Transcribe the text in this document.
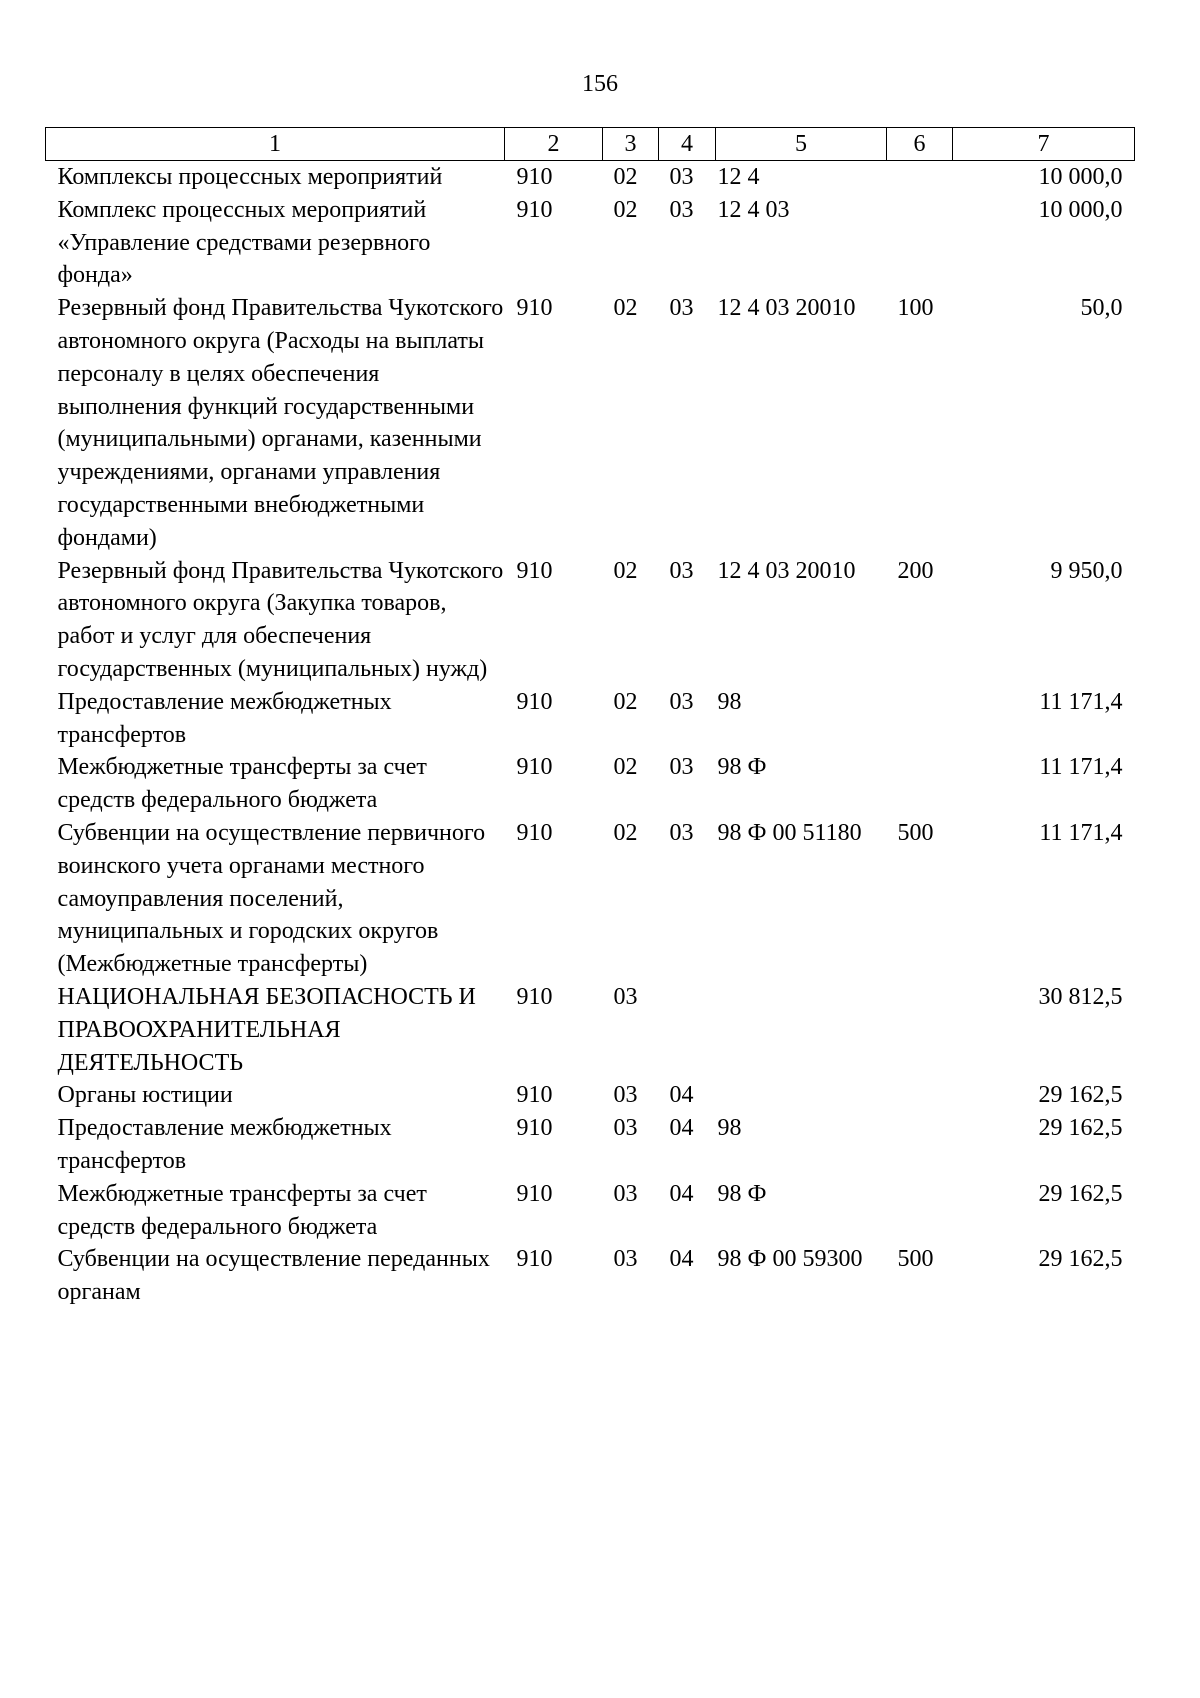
156
1	2	3	4	5	6	7
Комплексы процессных мероприятий	910	02	03	12 4		10 000,0
Комплекс процессных мероприятий «Управление средствами резервного фонда»	910	02	03	12 4 03		10 000,0
Резервный фонд Правительства Чукотского автономного округа (Расходы на выплаты персоналу в целях обеспечения выполнения функций государственными (муниципальными) органами, казенными учреждениями, органами управления государственными внебюджетными фондами)	910	02	03	12 4 03 20010	100	50,0
Резервный фонд Правительства Чукотского автономного округа (Закупка товаров, работ и услуг для обеспечения государственных (муниципальных) нужд)	910	02	03	12 4 03 20010	200	9 950,0
Предоставление межбюджетных трансфертов	910	02	03	98		11 171,4
Межбюджетные трансферты за счет средств федерального бюджета	910	02	03	98 Ф		11 171,4
Субвенции на осуществление первичного воинского учета органами местного самоуправления поселений, муниципальных и городских округов (Межбюджетные трансферты)	910	02	03	98 Ф 00 51180	500	11 171,4
НАЦИОНАЛЬНАЯ БЕЗОПАСНОСТЬ И ПРАВООХРАНИТЕЛЬНАЯ ДЕЯТЕЛЬНОСТЬ	910	03				30 812,5
Органы юстиции	910	03	04			29 162,5
Предоставление межбюджетных трансфертов	910	03	04	98		29 162,5
Межбюджетные трансферты за счет средств федерального бюджета	910	03	04	98 Ф		29 162,5
Субвенции на осуществление переданных органам	910	03	04	98 Ф 00 59300	500	29 162,5
